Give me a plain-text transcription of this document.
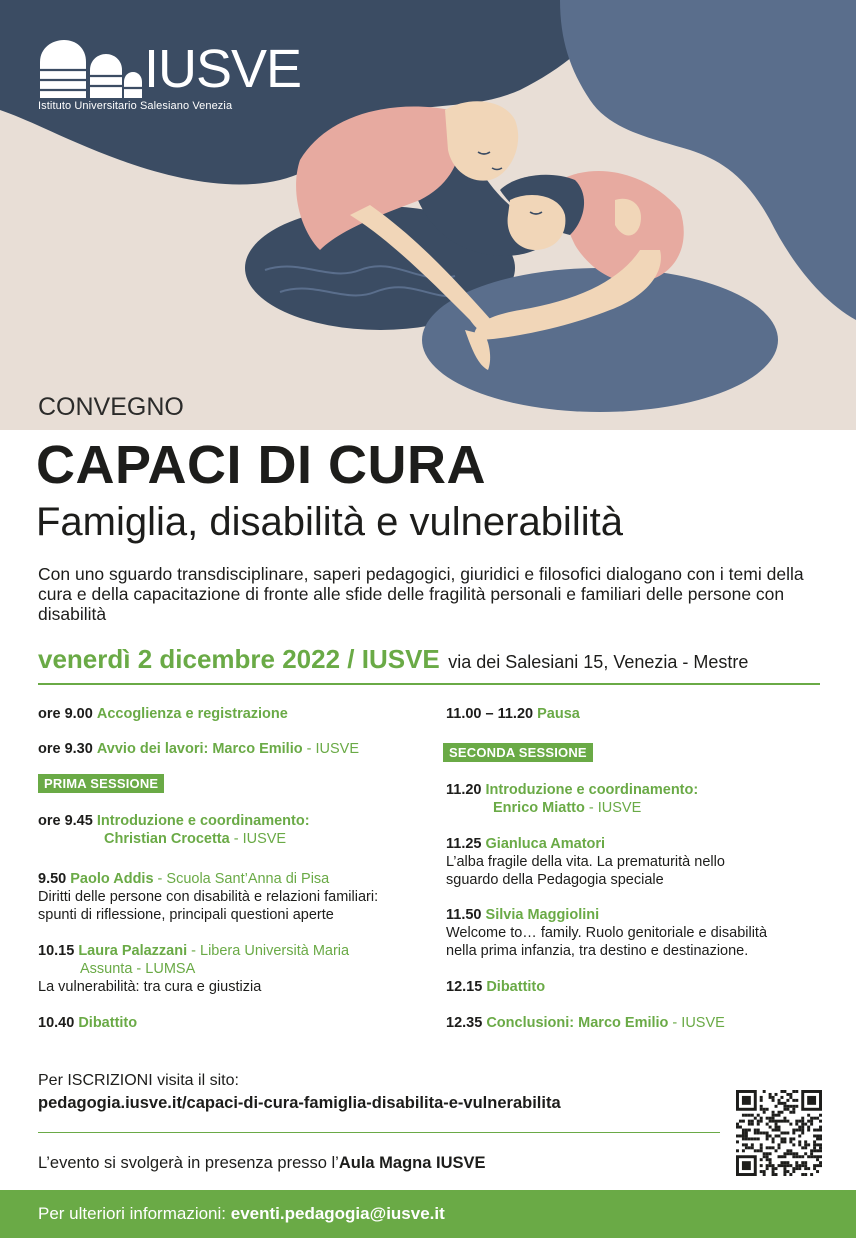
IUSVE
Istituto Universitario Salesiano Venezia
CONVEGNO
CAPACI DI CURA
Famiglia, disabilità e vulnerabilità
Con uno sguardo transdisciplinare, saperi pedagogici, giuridici e filosofici dialogano con i temi della cura e della capacitazione di fronte alle sfide delle fragilità personali e familiari delle persone con disabilità
venerdì 2 dicembre 2022 / IUSVE via dei Salesiani 15, Venezia - Mestre
ore 9.00 Accoglienza e registrazione
ore 9.30 Avvio dei lavori: Marco Emilio - IUSVE
PRIMA SESSIONE
ore 9.45 Introduzione e coordinamento:
Christian Crocetta - IUSVE
9.50 Paolo Addis - Scuola Sant’Anna di Pisa
Diritti delle persone con disabilità e relazioni familiari:
spunti di riflessione, principali questioni aperte
10.15 Laura Palazzani - Libera Università Maria
Assunta - LUMSA
La vulnerabilità: tra cura e giustizia
10.40 Dibattito
11.00 – 11.20 Pausa
SECONDA SESSIONE
11.20 Introduzione e coordinamento:
Enrico Miatto - IUSVE
11.25 Gianluca Amatori
L’alba fragile della vita. La prematurità nello
sguardo della Pedagogia speciale
11.50 Silvia Maggiolini
Welcome to… family. Ruolo genitoriale e disabilità
nella prima infanzia, tra destino e destinazione.
12.15 Dibattito
12.35 Conclusioni: Marco Emilio - IUSVE
Per ISCRIZIONI visita il sito:
pedagogia.iusve.it/capaci-di-cura-famiglia-disabilita-e-vulnerabilita
L’evento si svolgerà in presenza presso l’Aula Magna IUSVE
Per ulteriori informazioni: eventi.pedagogia@iusve.it
